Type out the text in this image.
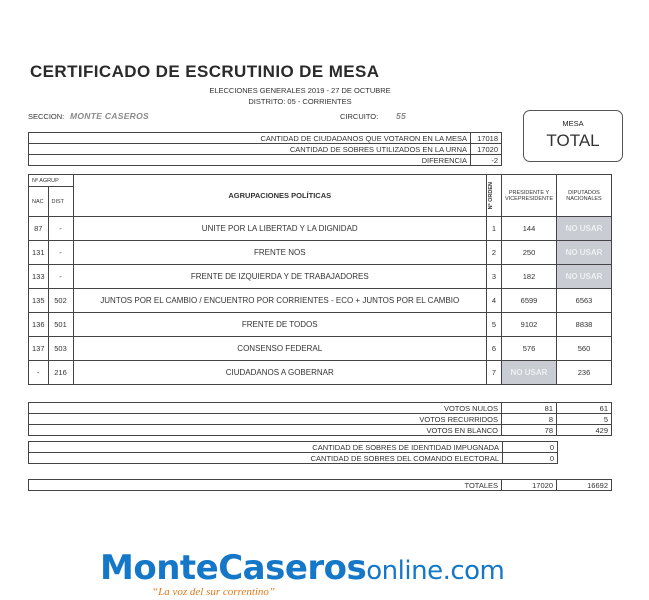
CERTIFICADO DE ESCRUTINIO DE MESA
ELECCIONES GENERALES 2019 - 27 DE OCTUBRE
DISTRITO: 05 - CORRIENTES
SECCION: MONTE CASEROS	CIRCUITO: 55
MESA
TOTAL
CANTIDAD DE CIUDADANOS QUE VOTARON EN LA MESA	17018
CANTIDAD DE SOBRES UTILIZADOS EN LA URNA	17020
DIFERENCIA	-2
Nº AGRUP		AGRUPACIONES POLÍTICAS	Nº ORDEN	PRESIDENTE Y VICEPRESIDENTE	DIPUTADOS NACIONALES
NAC	DIST				
87	-	UNITE POR LA LIBERTAD Y LA DIGNIDAD	1	144	NO USAR
131	-	FRENTE NOS	2	250	NO USAR
133	-	FRENTE DE IZQUIERDA Y DE TRABAJADORES	3	182	NO USAR
135	502	JUNTOS POR EL CAMBIO / ENCUENTRO POR CORRIENTES - ECO + JUNTOS POR EL CAMBIO	4	6599	6563
136	501	FRENTE DE TODOS	5	9102	8838
137	503	CONSENSO FEDERAL	6	576	560
-	216	CIUDADANOS A GOBERNAR	7	NO USAR	236
VOTOS NULOS	81	61
VOTOS RECURRIDOS	8	5
VOTOS EN BLANCO	78	429
CANTIDAD DE SOBRES DE IDENTIDAD IMPUGNADA	0
CANTIDAD DE SOBRES DEL COMANDO ELECTORAL	0
TOTALES	17020	16692
MonteCaserosonline.com
“La voz del sur correntino”
